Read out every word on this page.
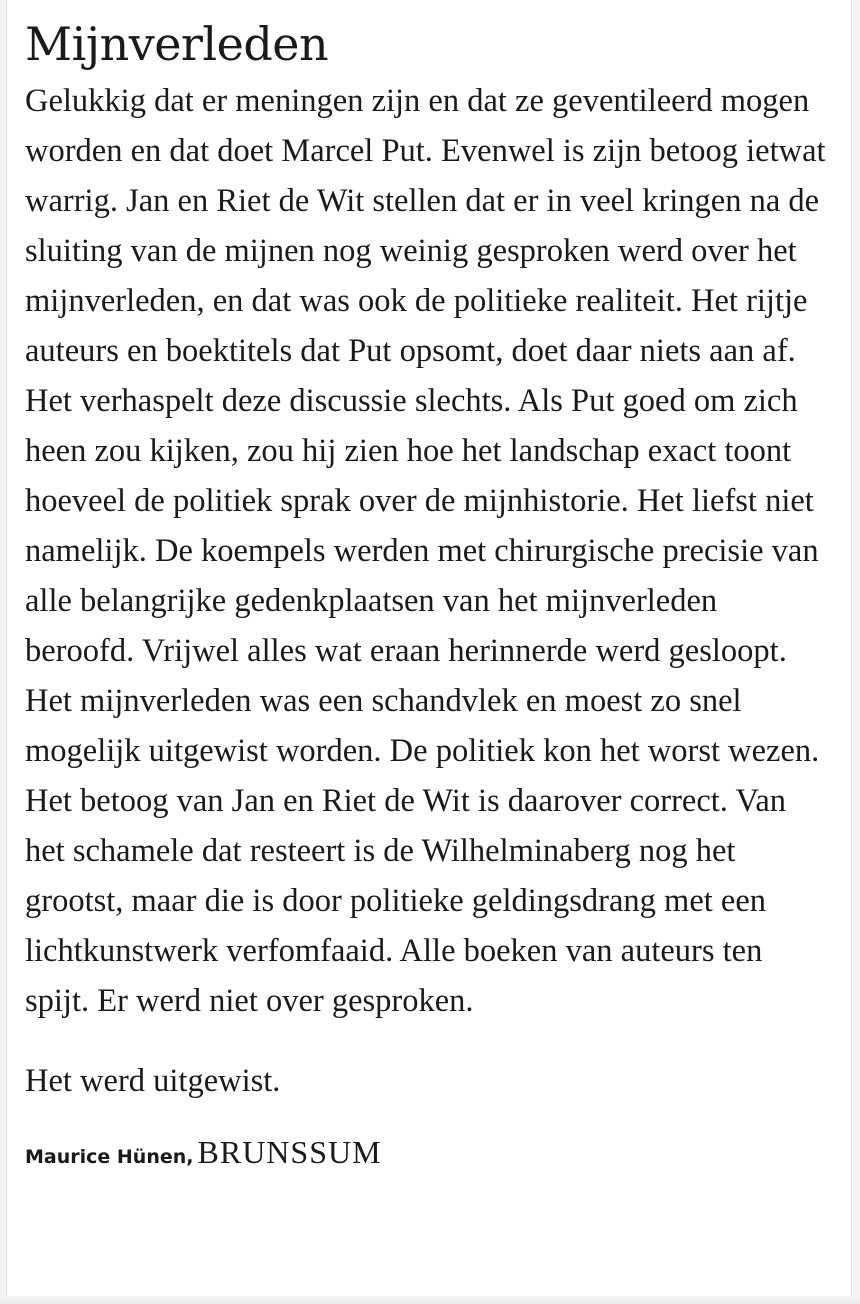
Mijnverleden

Gelukkig dat er meningen zijn en dat ze geventileerd mogen worden en dat doet Marcel Put. Evenwel is zijn betoog ietwat warrig. Jan en Riet de Wit stellen dat er in veel kringen na de sluiting van de mijnen nog weinig gesproken werd over het mijnverleden, en dat was ook de politieke realiteit. Het rijtje auteurs en boektitels dat Put opsomt, doet daar niets aan af. Het verhaspelt deze discussie slechts. Als Put goed om zich heen zou kijken, zou hij zien hoe het landschap exact toont hoeveel de politiek sprak over de mijnhistorie. Het liefst niet namelijk. De koempels werden met chirurgische precisie van alle belangrijke gedenkplaatsen van het mijnverleden beroofd. Vrijwel alles wat eraan herinnerde werd gesloopt. Het mijnverleden was een schandvlek en moest zo snel mogelijk uitgewist worden. De politiek kon het worst wezen. Het betoog van Jan en Riet de Wit is daarover correct. Van het schamele dat resteert is de Wilhelminaberg nog het grootst, maar die is door politieke geldingsdrang met een lichtkunstwerk verfomfaaid. Alle boeken van auteurs ten spijt. Er werd niet over gesproken.

Het werd uitgewist.

Maurice Hünen, BRUNSSUM
